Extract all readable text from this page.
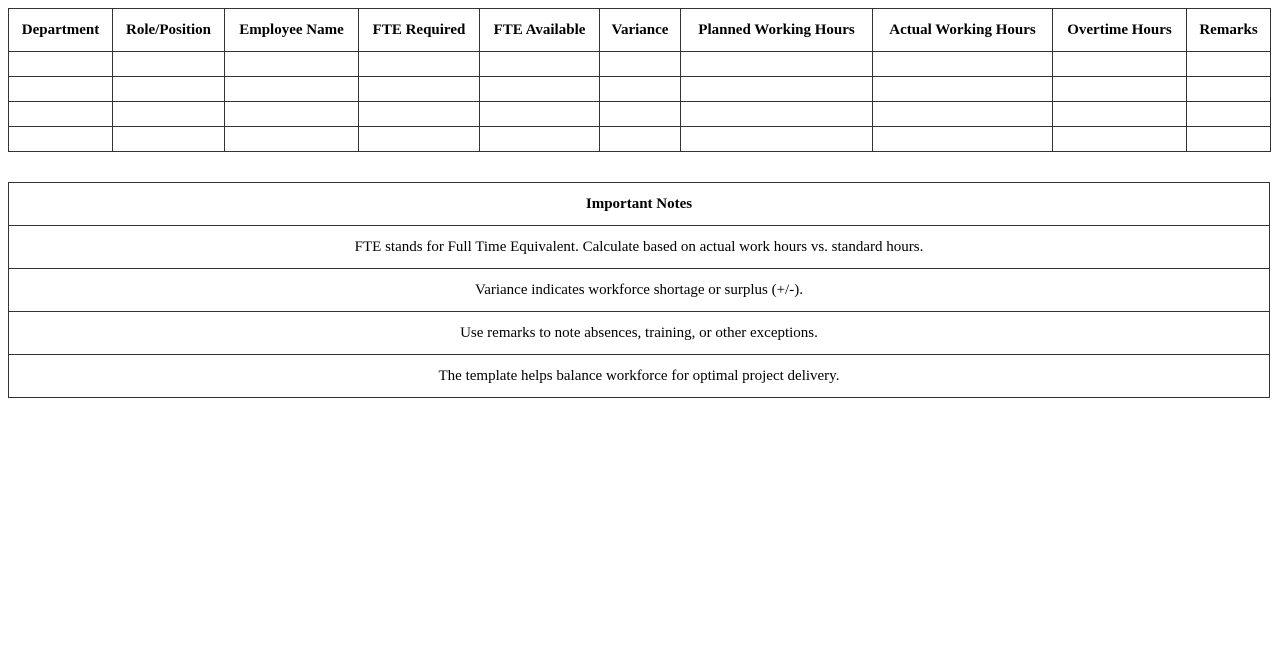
Department	Role/Position	Employee Name	FTE Required	FTE Available	Variance	Planned Working Hours	Actual Working Hours	Overtime Hours	Remarks

Important Notes
FTE stands for Full Time Equivalent. Calculate based on actual work hours vs. standard hours.
Variance indicates workforce shortage or surplus (+/-).
Use remarks to note absences, training, or other exceptions.
The template helps balance workforce for optimal project delivery.
